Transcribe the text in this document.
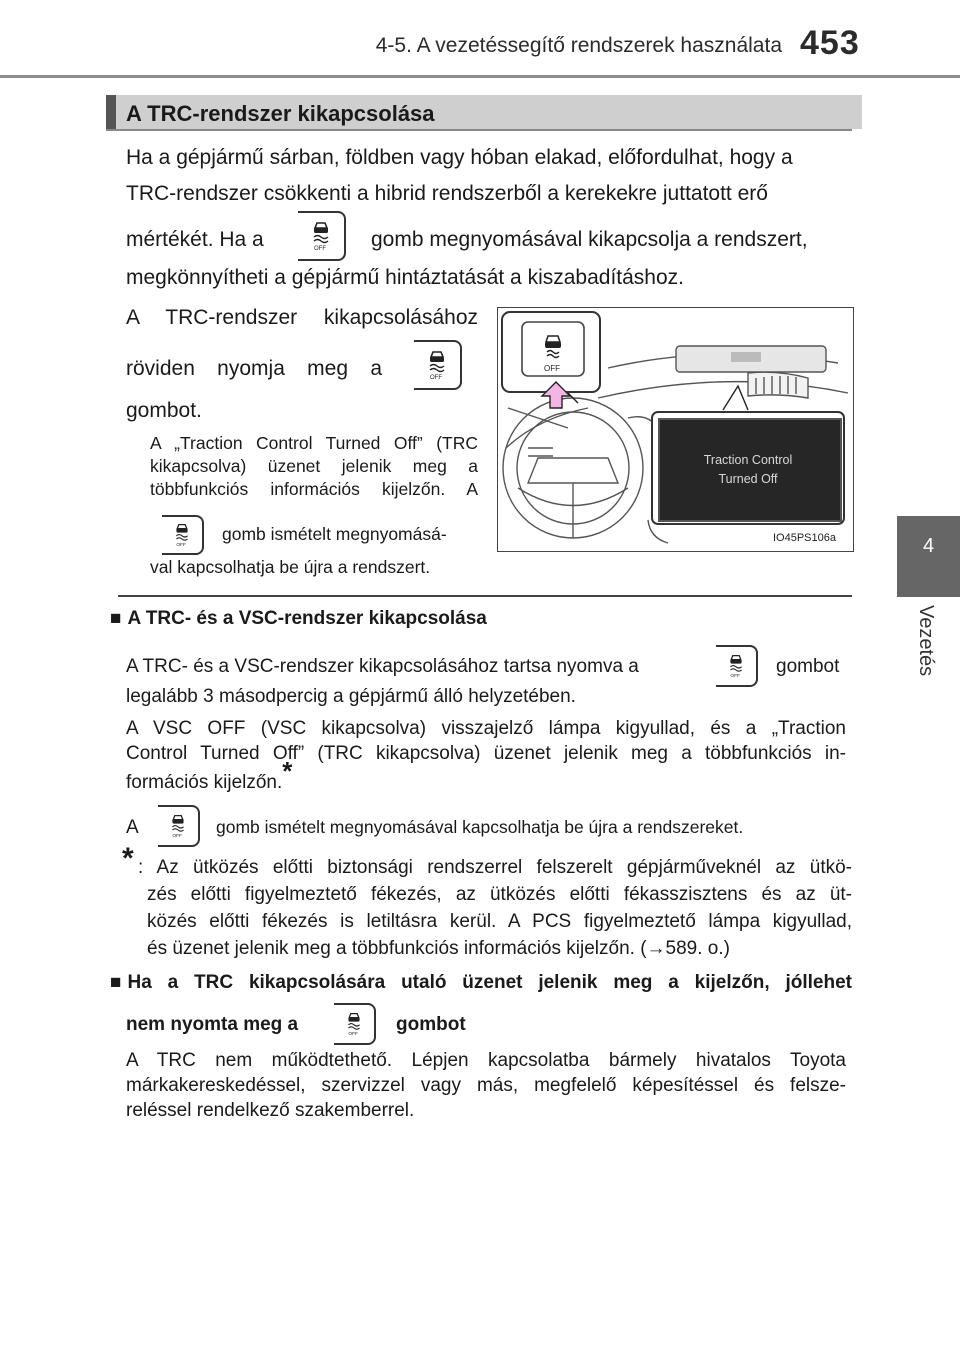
4-5. A vezetéssegítő rendszerek használata 453
4
Vezetés
A TRC-rendszer kikapcsolása
Ha a gépjármű sárban, földben vagy hóban elakad, előfordulhat, hogy a
TRC-rendszer csökkenti a hibrid rendszerből a kerekekre juttatott erő
mértékét. Ha a	gomb megnyomásával kikapcsolja a rendszert,
megkönnyítheti a gépjármű hintáztatását a kiszabadításhoz.
A TRC-rendszer kikapcsolásához
röviden nyomja meg a
gombot.
A „Traction Control Turned Off” (TRC
kikapcsolva) üzenet jelenik meg a
többfunkciós információs kijelzőn. A
gomb ismételt megnyomásá-
val kapcsolhatja be újra a rendszert.
OFF
Traction Control
Turned Off
IO45PS106a
■ A TRC- és a VSC-rendszer kikapcsolása
A TRC- és a VSC-rendszer kikapcsolásához tartsa nyomva a	gombot
legalább 3 másodpercig a gépjármű álló helyzetében.
A VSC OFF (VSC kikapcsolva) visszajelző lámpa kigyullad, és a „Traction
Control Turned Off” (TRC kikapcsolva) üzenet jelenik meg a többfunkciós in-
formációs kijelzőn.*
A	gomb ismételt megnyomásával kapcsolhatja be újra a rendszereket.
* : Az ütközés előtti biztonsági rendszerrel felszerelt gépjárműveknél az ütkö-
zés előtti figyelmeztető fékezés, az ütközés előtti fékasszisztens és az üt-
közés előtti fékezés is letiltásra kerül. A PCS figyelmeztető lámpa kigyullad,
és üzenet jelenik meg a többfunkciós információs kijelzőn. (→589. o.)
■ Ha a TRC kikapcsolására utaló üzenet jelenik meg a kijelzőn, jóllehet
nem nyomta meg a	gombot
A TRC nem működtethető. Lépjen kapcsolatba bármely hivatalos Toyota
márkakereskedéssel, szervizzel vagy más, megfelelő képesítéssel és felsze-
reléssel rendelkező szakemberrel.
